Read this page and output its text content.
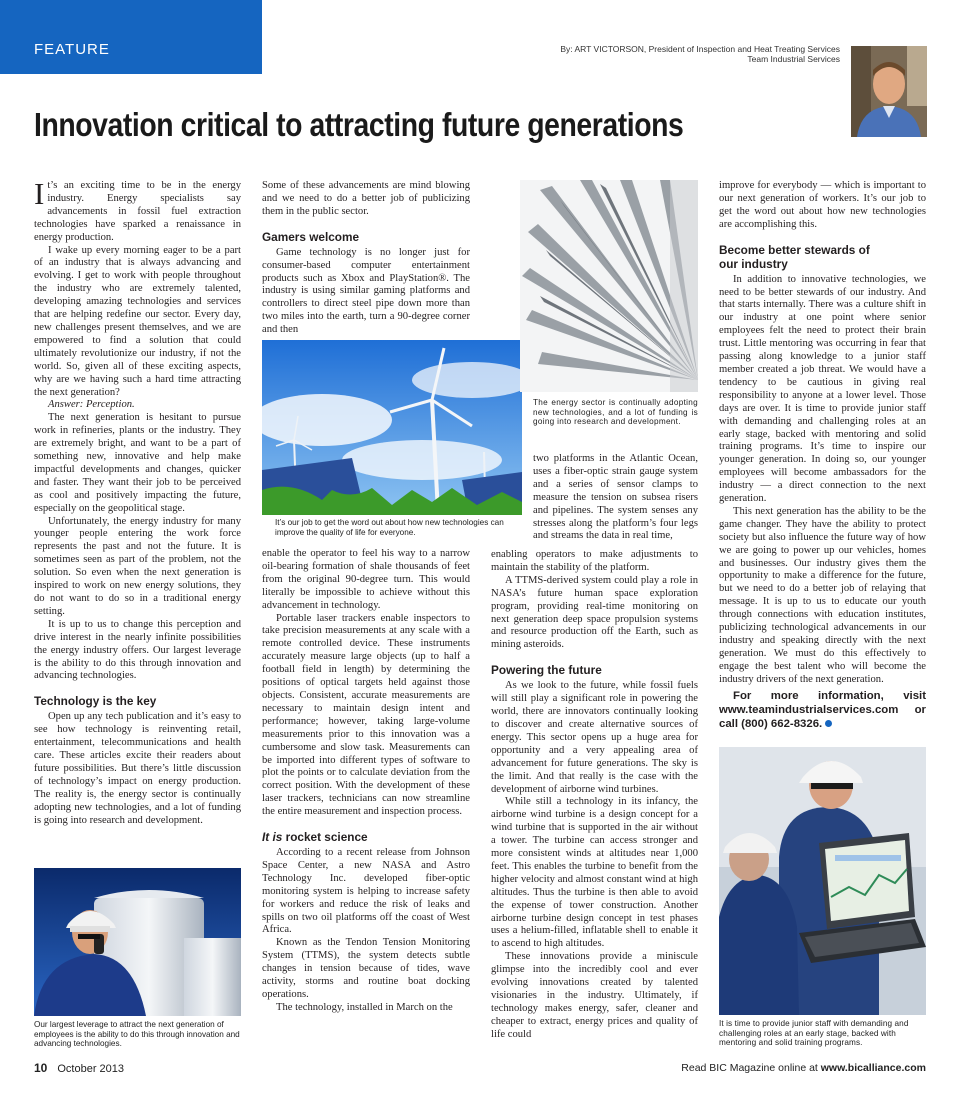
FEATURE	By: ART VICTORSON, President of Inspection and Heat Treating Services
Team Industrial Services
Innovation critical to attracting future generations

It’s an exciting time to be in the energy industry. Energy specialists say advancements in fossil fuel extraction technologies have sparked a renaissance in energy production.

I wake up every morning eager to be a part of an industry that is always advancing and evolving. I get to work with people throughout the industry who are extremely talented, developing amazing technologies and services that are helping redefine our sector. Every day, new challenges present themselves, and we are empowered to find a solution that could ultimately revolutionize our industry, if not the world. So, given all of these exciting aspects, why are we having such a hard time attracting the next generation?

Answer: Perception.

The next generation is hesitant to pursue work in refineries, plants or the industry. They are extremely bright, and want to be a part of something new, innovative and help make impactful developments and changes, quicker and faster. They want their job to be perceived as cool and positively impacting the future, especially on the geopolitical stage.

Unfortunately, the energy industry for many younger people entering the work force represents the past and not the future. It is sometimes seen as part of the problem, not the solution. So even when the next generation is inspired to work on new energy solutions, they do not want to do so in a traditional energy setting.

It is up to us to change this perception and drive interest in the nearly infinite possibilities the energy industry offers. Our largest leverage is the ability to do this through innovation and advancing technologies.

Technology is the key

Open up any tech publication and it’s easy to see how technology is reinventing retail, entertainment, telecommunications and health care. These articles excite their readers about future possibilities. But there’s little discussion of technology’s impact on energy production. The reality is, the energy sector is continually adopting new technologies, and a lot of funding is going into research and development.

Our largest leverage to attract the next generation of employees is the ability to do this through innovation and advancing technologies.

Some of these advancements are mind blowing and we need to do a better job of publicizing them in the public sector.

Gamers welcome

Game technology is no longer just for consumer-based computer entertainment products such as Xbox and PlayStation®. The industry is using similar gaming platforms and controllers to direct steel pipe down more than two miles into the earth, turn a 90-degree corner and then

It’s our job to get the word out about how new technologies can improve the quality of life for everyone.

enable the operator to feel his way to a narrow oil-bearing formation of shale thousands of feet from the original 90-degree turn. This would literally be impossible to achieve without this advancement in technology.

Portable laser trackers enable inspectors to take precision measurements at any scale with a remote controlled device. These instruments accurately measure large objects (up to half a football field in length) by determining the positions of optical targets held against those objects. Consistent, accurate measurements are necessary to maintain design intent and performance; however, taking large-volume measurements prior to this innovation was a cumbersome and slow task. Measurements can be imported into different types of software to plot the points or to calculate deviation from the correct position. With the development of these laser trackers, technicians can now streamline the entire measurement and inspection process.

It is rocket science

According to a recent release from Johnson Space Center, a new NASA and Astro Technology Inc. developed fiber-optic monitoring system is helping to increase safety for workers and reduce the risk of leaks and spills on two oil platforms off the coast of West Africa.

Known as the Tendon Tension Monitoring System (TTMS), the system detects subtle changes in tension because of tides, wave activity, storms and routine boat docking operations.

The technology, installed in March on the

The energy sector is continually adopting new technologies, and a lot of funding is going into research and development.

two platforms in the Atlantic Ocean, uses a fiber-optic strain gauge system and a series of sensor clamps to measure the tension on subsea risers and pipelines. The system senses any stresses along the platform’s four legs and streams the data in real time,

enabling operators to make adjustments to maintain the stability of the platform.

A TTMS-derived system could play a role in NASA’s future human space exploration program, providing real-time monitoring on next generation deep space propulsion systems and resource production off the Earth, such as mining asteroids.

Powering the future

As we look to the future, while fossil fuels will still play a significant role in powering the world, there are innovators continually looking to discover and create alternative sources of energy. This sector opens up a huge area for opportunity and a very appealing area of advancement for future generations. The sky is the limit. And that really is the case with the development of airborne wind turbines.

While still a technology in its infancy, the airborne wind turbine is a design concept for a wind turbine that is supported in the air without a tower. The turbine can access stronger and more consistent winds at altitudes near 1,000 feet. This enables the turbine to benefit from the higher velocity and almost constant wind at high altitudes. Thus the turbine is then able to avoid the expense of tower construction. Another airborne turbine design concept in test phases uses a helium-filled, inflatable shell to enable it to ascend to high altitudes.

These innovations provide a miniscule glimpse into the incredibly cool and ever evolving innovations created by talented visionaries in the industry. Ultimately, if technology makes energy, safer, cleaner and cheaper to extract, energy prices and quality of life could

improve for everybody — which is important to our next generation of workers. It’s our job to get the word out about how new technologies are accomplishing this.

Become better stewards of
our industry

In addition to innovative technologies, we need to be better stewards of our industry. And that starts internally. There was a culture shift in our industry at one point where senior employees felt the need to protect their brain trust. Little mentoring was occurring in fear that passing along knowledge to a junior staff member created a job threat. We would have a tendency to be cautious in giving real responsibility to anyone at a lower level. Those days are over. It is time to provide junior staff with demanding and challenging roles at an early stage, backed with mentoring and solid training programs. It’s time to inspire our younger generation. In doing so, our younger employees will become ambassadors for the industry — a direct connection to the next generation.

This next generation has the ability to be the game changer. They have the ability to protect society but also influence the future way of how we are going to power up our vehicles, homes and businesses. Our industry gives them the opportunity to make a difference for the future, but we need to do a better job of relaying that message. It is up to us to educate our youth through connections with education institutes, publicizing technological advancements in our industry and speaking directly with the next generation. We must do this effectively to engage the best talent who will become the industry drivers of the next generation.

For more information, visit www.teamindustrialservices.com or call (800) 662-8326.

It is time to provide junior staff with demanding and challenging roles at an early stage, backed with mentoring and solid training programs.
10 October 2013	Read BIC Magazine online at www.bicalliance.com
